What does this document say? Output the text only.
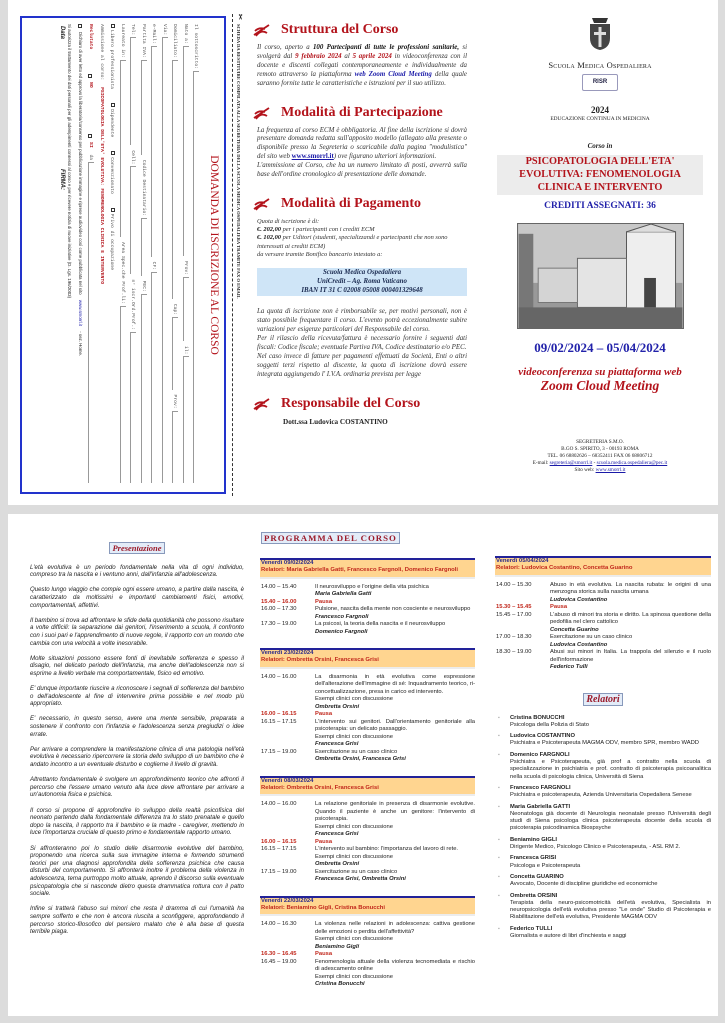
✂
SCHEDA DA RESTITUIRE COMPILATA ALLA SEGRETERIA DELLA SCUOLA MEDICA OSPEDALIERA TRAMITE FAX O EMAIL
DOMANDA DI ISCRIZIONE AL CORSO
Il sottoscritto:
Nato a:
Prov:
il:
Domiciliato:
Cap:
Prov:
Via:
e-Mail:
CF:
Partita IVA:
Codice Destinatario:
PEC:
Tel:
Cell:
n° iscr.Ord.Prof.:
Laureato in:
Area Spec.che Prof.li:
Libero professionista
Dipendente
Convenzionato
Privo di occupazione
Ammissione al corso:

PSICOPATOLOGIA DELL'ETA' EVOLUTIVA: FENOMENOLOGIA CLINICA E INTERVENTO
Reclutato
NO
SI

da
Dichiaro di aver letto ed approvo la liberatoria/consenso per pubblicazione immagine e riprese audiovideo così come pubblicata nel sito

www.smorrl.it

- sez. Home.
Si autorizza il trattamento dei dati personali per gli adempimenti connessi al corso e per ricevere notizia di nuove iniziative (D. Lgs. 196/2003)
Data
FIRMA:
Struttura del Corso

Il corso, aperto a 100 Partecipanti di tutte le professioni sanitarie, si svolgerà dal 9 febbraio 2024 al 5 aprile 2024 in videoconferenza con il docente e discenti collegati contemporaneamente e individualmente da remoto attraverso la piattaforma web Zoom Cloud Meeting della quale saranno fornite tutte le caratteristiche e istruzioni per il suo utilizzo.

Modalità di Partecipazione

La frequenza al corso ECM è obbligatoria. Al fine della iscrizione si dovrà presentare domanda redatta sull'apposito modello (allegato alla presente o disponibile presso la Segreteria o scaricabile dalla pagina "modulistica" del sito web www.smorrl.it) ove figurano ulteriori informazioni.
L'ammissione al Corso, che ha un numero limitato di posti, avverrà sulla base dell'ordine cronologico di presentazione delle domande.

Modalità di Pagamento

Quota di iscrizione è di:
€. 202,00 per i partecipanti con i crediti ECM
€. 102,00 per Uditori (studenti, specializzandi e partecipanti che non sono interessati ai crediti ECM)
da versare tramite Bonifico bancario intestato a:

Scuola Medica Ospedaliera
UniCredit – Ag. Roma Vaticano
IBAN IT 31 C 02008 05008 000401329648

La quota di iscrizione non è rimborsabile se, per motivi personali, non è stato possibile frequentare il corso. L'evento potrà eccezionalmente subire variazioni per esigenze particolari del Responsabile del corso.
Per il rilascio della ricevuta/fattura è necessario fornire i seguenti dati fiscali: Codice fiscale; eventuale Partiva IVA, Codice destinatario e/o PEC.
Nel caso invece di fatture per pagamenti effettuati da Società, Enti o altri soggetti terzi rispetto al discente, la quota di iscrizione dovrà essere integrata aggiungendo l' I.V.A. ordinaria prevista per legge

Responsabile del Corso
Dott.ssa Ludovica COSTANTINO
Scuola Medica Ospedaliera
RISR
2024
EDUCAZIONE CONTINUA IN MEDICINA
Corso in
PSICOPATOLOGIA DELL'ETA' EVOLUTIVA: FENOMENOLOGIA CLINICA E INTERVENTO
CREDITI ASSEGNATI: 36
09/02/2024 – 05/04/2024
videoconferenza su piattaforma web
Zoom Cloud Meeting
SEGRETERIA S.M.O.
B.GO S. SPIRITO, 3 - 00193 ROMA
TEL. 06 68802626 – 68352411 FAX 06 68806712
E-mail: segreteria@smorrl.it - scuola.medica.ospedaliera@pec.it
Sito web: www.smorrl.it
Presentazione

L'età evolutiva è un periodo fondamentale nella vita di ogni individuo, compreso tra la nascita e i ventuno anni, dall'infanzia all'adolescenza.

Questo lungo viaggio che compie ogni essere umano, a partire dalla nascita, è caratterizzato da moltissimi e importanti cambiamenti fisici, emotivi, comportamentali, affettivi.

Il bambino si trova ad affrontare le sfide della quotidianità che possono risultare a volte difficili: la separazione dai genitori, l'inserimento a scuola, il confronto con i suoi pari e l'apprendimento di nuove regole, il rapporto con un mondo che cambia con una velocità a volte inesorabile.

Molte situazioni possono essere fonti di inevitabile sofferenza e spesso il disagio, nel delicato periodo dell'infanzia, ma anche dell'adolescenza non si esprime a livello verbale ma comportamentale, fisico ed emotivo.

E' dunque importante riuscire a riconoscere i segnali di sofferenza del bambino o dell'adolescente al fine di intervenire prima possibile e nel modo più appropriato.

E' necessario, in questo senso, avere una mente sensibile, preparata a sostenere il confronto con l'infanzia e l'adolescenza senza pregiudizi o idee errate.

Per arrivare a comprendere la manifestazione clinica di una patologia nell'età evolutiva è necessario ripercorrere la storia dello sviluppo di un bambino che è andato incontro a un eventuale disturbo e coglierne il livello di gravità.

Altrettanto fondamentale è svolgere un approfondimento teorico che affronti il percorso che l'essere umano venuto alla luce deve affrontare per arrivare a un'autonomia fisica e psichica.

Il corso si propone di approfondire lo sviluppo della realtà psicofisica del neonato partendo dalla fondamentale differenza tra lo stato prenatale e quello dopo la nascita, il rapporto tra il bambino e la madre - caregiver, mettendo in luce l'importanza cruciale di questo primo e fondamentale rapporto umano.

Si affronteranno poi lo studio delle disarmonie evolutive del bambino, proponendo una ricerca sulla sua immagine interna e fornendo strumenti teorici per una diagnosi approfondita della sofferenza psichica che causa disturbi del comportamento. Si affronterà inoltre il problema della violenza in adolescenza, tema purtroppo molto attuale, aprendo il discorso sulla eventuale psicopatologia che si nasconde dietro questa drammatica rottura con il patto sociale.

Infine si tratterà l'abuso sui minori che resta il dramma di cui l'umanità ha sempre sofferto e che non è ancora riuscita a sconfiggere, approfondendo il percorso storico-filosofico del pensiero malato che è alla base di questa terribile piaga.

PROGRAMMA DEL CORSO
Venerdì 09/02/2024
Relatori: Maria Gabriella Gatti, Francesco Fargnoli, Domenico Fargnoli
14.00 – 15.40	Il neurosviluppo e l'origine della vita psichica
Maria Gabriella Gatti
15.40 – 16.00	Pausa
16.00 – 17.30	Pulsione, nascita della mente non cosciente e neurosviluppo
Francesco Fargnoli
17.30 – 19.00	La psicosi, la teoria della nascita e il neurosviluppo
Domenico Fargnoli
Venerdì 23/02/2024
Relatori: Ombretta Orsini, Francesca Grisi
14.00 – 16.00	La disarmonia in età evolutiva come espressione dell'alterazione dell'immagine di sé: Inquadramento teorico, ri-concettualizzazione, presa in carico ed intervento.
Esempi clinici con discussione
Ombretta Orsini
16.00 – 16.15	Pausa
16.15 – 17.15	L'intervento sui genitori. Dall'orientamento genitoriale alla psicoterapia: un delicato passaggio.
Esempi clinici con discussione
Francesca Grisi
17.15 – 19.00	Esercitazione su un caso clinico
Ombretta Orsini, Francesca Grisi
Venerdì 08/03/2024
Relatori: Ombretta Orsini, Francesca Grisi
14.00 – 16.00	La relazione genitoriale in presenza di disarmonie evolutive. Quando il paziente è anche un genitore: l'intervento di psicoterapia.
Esempi clinici con discussione
Francesca Grisi
16.00 – 16.15	Pausa
16.15 – 17.15	L'intervento sul bambino: l'importanza del lavoro di rete.
Esempi clinici con discussione
Ombretta Orsini
17.15 – 19.00	Esercitazione su un caso clinico
Francesca Grisi, Ombretta Orsini
Venerdì 22/03/2024
Relatori: Beniamino Gigli, Cristina Bonucchi
14.00 – 16.30	La violenza nelle relazioni in adolescenza: cattiva gestione delle emozioni o perdita dell'affettività?
Esempi clinici con discussione
Beniamino Gigli
16.30 – 16.45	Pausa
16.45 – 19.00	Fenomenologia attuale della violenza tecnomediata e rischio di adescamento online
Esempi clinici con discussione
Cristina Bonucchi
Venerdì 05/04/2024
Relatori: Ludovica Costantino, Concetta Guarino
14.00 – 15.30	Abuso in età evolutiva. La nascita rubata: le origini di una menzogna storica sulla nascita umana
Ludovica Costantino
15.30 – 15.45	Pausa
15.45 – 17.00	L'abuso di minori tra storia e diritto. La spinosa questione della pedofilia nel clero cattolico
Concetta Guarino
17.00 – 18.30	Esercitazione su un caso clinico
Ludovica Costantino
18.30 – 19.00	Abusi sui minori in Italia. La trappola del silenzio e il ruolo dell'informazione
Federico Tulli
Relatori
▪	Cristina BONUCCHI
Psicologa della Polizia di Stato
▪	Ludovica COSTANTINO
Psichiatra e Psicoterapeuta MAGMA ODV, membro SPR, membro WADD
▪	Domenico FARGNOLI
Psichiatra e Psicoterapeuta, già prof a contratto nella scuola di specializzazione in psichiatria e prof. contratto di psicoterapia psicoanalitica nella scuola di psicologia clinica, Università di Siena
▪	Francesco FARGNOLI
Psichiatra e psicoterapeuta, Azienda Universitaria Ospedaliera Senese
▪	Maria Gabriella GATTI
Neonatologa già docente di Neurologia neonatale presso l'Università degli studi di Siena psicologa clinica psicoterapeuta docente della scuola di psicoterapia psicodinamica Biospsyche
▪	Beniamino GIGLI
Dirigente Medico, Psicologo Clinico e Psicoterapeuta, - ASL RM 2.
▪	Francesca GRISI
Psicologa e Psicoterapeuta
▪	Concetta GUARINO
Avvocato, Docente di discipline giuridiche ed economiche
▪	Ombretta ORSINI
Terapista della neuro-psicomotricità dell'età evolutiva, Specialista in neuropsicologia dell'età evolutiva presso "Le onde" Studio di Psicoterapia e Riabilitazione dell'età evolutiva, Presidente MAGMA ODV
▪	Federico TULLI
Giornalista e autore di libri d'inchiesta e saggi
